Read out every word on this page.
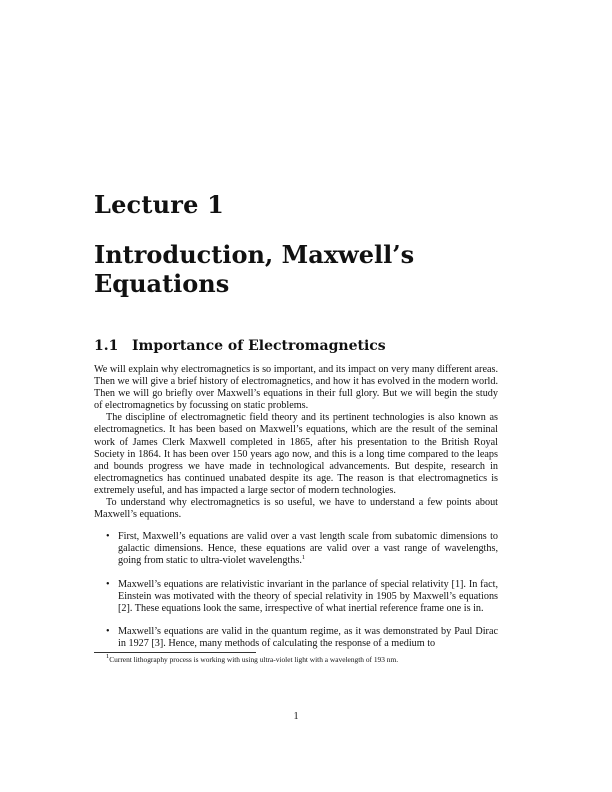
Lecture 1
Introduction, Maxwell’s Equations
1.1 Importance of Electromagnetics

We will explain why electromagnetics is so important, and its impact on very many different areas. Then we will give a brief history of electromagnetics, and how it has evolved in the modern world. Then we will go briefly over Maxwell’s equations in their full glory. But we will begin the study of electromagnetics by focussing on static problems.

The discipline of electromagnetic field theory and its pertinent technologies is also known as electromagnetics. It has been based on Maxwell’s equations, which are the result of the seminal work of James Clerk Maxwell completed in 1865, after his presentation to the British Royal Society in 1864. It has been over 150 years ago now, and this is a long time compared to the leaps and bounds progress we have made in technological advancements. But despite, research in electromagnetics has continued unabated despite its age. The reason is that electromagnetics is extremely useful, and has impacted a large sector of modern technologies.

To understand why electromagnetics is so useful, we have to understand a few points about Maxwell’s equations.

• First, Maxwell’s equations are valid over a vast length scale from subatomic dimensions to galactic dimensions. Hence, these equations are valid over a vast range of wavelengths, going from static to ultra-violet wavelengths.$^1$
• Maxwell’s equations are relativistic invariant in the parlance of special relativity [1]. In fact, Einstein was motivated with the theory of special relativity in 1905 by Maxwell’s equations [2]. These equations look the same, irrespective of what inertial reference frame one is in.
• Maxwell’s equations are valid in the quantum regime, as it was demonstrated by Paul Dirac in 1927 [3]. Hence, many methods of calculating the response of a medium to
$^1$Current lithography process is working with using ultra-violet light with a wavelength of 193 nm.
1
